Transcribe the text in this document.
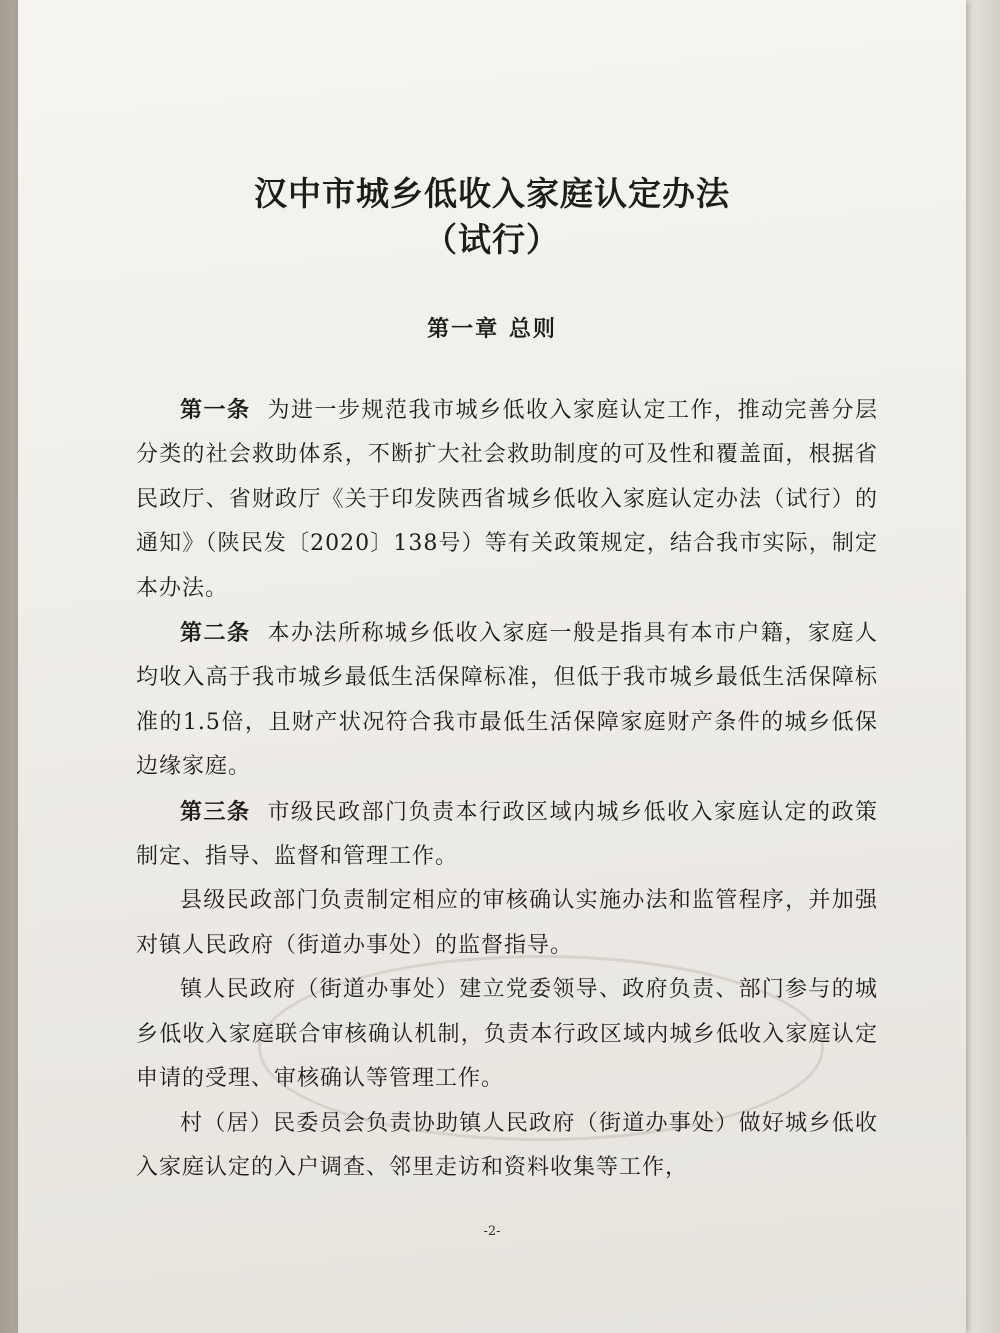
汉中市城乡低收入家庭认定办法
（试行）
第一章 总则

第一条 为进一步规范我市城乡低收入家庭认定工作，推动完善分层分类的社会救助体系，不断扩大社会救助制度的可及性和覆盖面，根据省民政厅、省财政厅《关于印发陕西省城乡低收入家庭认定办法（试行）的通知》（陕民发〔2020〕138号）等有关政策规定，结合我市实际，制定本办法。

第二条 本办法所称城乡低收入家庭一般是指具有本市户籍，家庭人均收入高于我市城乡最低生活保障标准，但低于我市城乡最低生活保障标准的1.5倍，且财产状况符合我市最低生活保障家庭财产条件的城乡低保边缘家庭。

第三条 市级民政部门负责本行政区域内城乡低收入家庭认定的政策制定、指导、监督和管理工作。

县级民政部门负责制定相应的审核确认实施办法和监管程序，并加强对镇人民政府（街道办事处）的监督指导。

镇人民政府（街道办事处）建立党委领导、政府负责、部门参与的城乡低收入家庭联合审核确认机制，负责本行政区域内城乡低收入家庭认定申请的受理、审核确认等管理工作。

村（居）民委员会负责协助镇人民政府（街道办事处）做好城乡低收入家庭认定的入户调查、邻里走访和资料收集等工作，

-2-
